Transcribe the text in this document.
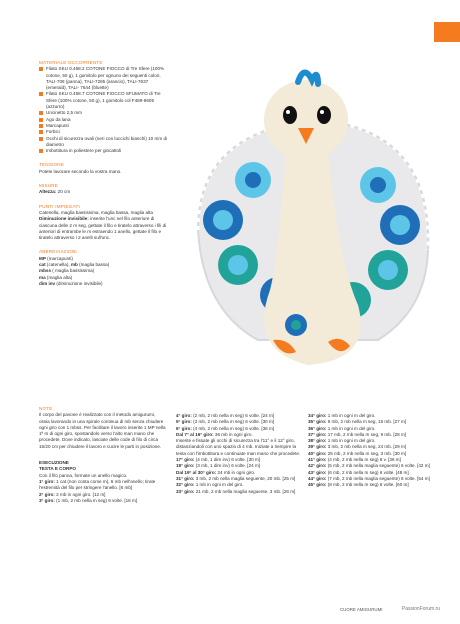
MATERIALE OCCORRENTE
Filato SKU 0.468.2 COTONE FIOCCO di Tre Sfere (100% cotone, 50 g), 1 gomitolo per ognuno dei seguenti colori, TALI-708 (panna), TALI-7265 (arancio), TALI-7637 (emerald), TALI- 7644 (bluette)
Filato SKU 0.468.7 COTONE FIOCCO SFUMATO di Tre Sfere (100% cotone, 50 g), 1 gomitolo col F489-9605 (azzurro)
Uncinetto 2,5 mm
Ago da lana
Marcapunti
Forbici
Occhi di sicurezza ovali (neri con lucciсhi bianchi) 10 mm di diametro
Imbottitura in poliestere per giocattoli
TENSIONE
Potete lavorare secondo la vostra mano.
MISURE
Altezza: 20 cm
PUNTI IMPIEGATI
Catenella, maglia bassissima, maglia bassa, maglia alta
Diminuzione invisibile: inserite l'unc nel filo anteriore di ciascuna delle 2 m seg, gettate il filo e tiratelo attraverso i fili di anteriori di entrambe le m estraendo 1 anello, gettate il filo e tiratelo attraverso i 2 anelli sull'unc.
ABBREVIAZIONI
MP (marcapunti)
cat (catenella), mb (maglia bassa)
mbss ( maglia bassissima)
ma (maglia alta)
dim inv (diminuzione invisibile)
NOTE
Il corpo del pavone è realizzato con il metodo amigurumi, ossia lavorando in una spirale continua di mb senza chiudere ogni giro con 1 mbss. Per facilitare il lavoro inserite 1 MP nella 1ª m di ogni giro, spostandolo verso l'alto man mano che procedete. Dove indicato, lasciate delle code di filo di circa 15/20 cm per chiudere il lavoro e cucire le parti in posizione.
ESECUZIONE
TESTA E CORPO
Con il filo panna, formate un anello magico.
1° giro: 1 cat (non conta come m), 6 mb nell'anello; tirate l'estremità del filo per stringere l'anello. [6 mb]
2° giro: 2 mb in ogni giro. [12 m]
3° giro: (1 mb, 2 mb nella m seg) 6 volte. [18 m]
4° giro: (2 mb, 2 mb nella m seg) 6 volte. [24 m]
5° giro: (3 mb, 2 mb nella m seg) 6 volte. [30 m]
6° giro: (4 mb, 2 mb nella m seg) 6 volte. [36 m]
Dal 7° al 16° giro: 36 mb in ogni giro.
Inserite e fissate gli occhi di sicurezza tra l'11° e il 12° giro, distanziandoli con uno spazio di 4 mb. Iniziate a riempire la testa con l'imbottitura e continuate man mano che procedete.
17° giro: (4 mb, 1 dim inv) 6 volte. [30 m]
18° giro: (3 mb, 1 dim inv) 6 volte. [24 m]
Dal 19° al 30° giro: 24 mb in ogni giro.
31° giro: 3 mb, 2 mb nella maglia seguente, 20 mb. [25 m]
32° giro: 1 mb in ogni m del giro.
33° giro: 21 mb, 2 mb nella maglia seguente, 3 mb. [26 m]
34° giro: 1 mb in ogni m del giro.
35° giro: 9 mb, 2 mb nella m seg, 16 mb. [27 m]
36° giro: 1 mb in ogni m del giro.
37° giro: 17 mb, 2 mb nella m seg, 9 mb. [28 m]
38° giro: 1 mb in ogni m del giro.
39° giro: 3 mb, 2 mb nella m seg, 24 mb. [29 m]
40° giro: 25 mb, 2 mb nella m seg, 3 mb. [30 m]
41° giro: (4 mb, 2 mb nella m seg) 6 v. [36 m]
42° giro: (5 mb, 2 mb nella maglia seguente) 6 volte. [42 m]
43° giro: (6 mb, 2 mb nella m seg) 6 volte. [48 m]
44° giro: (7 mb, 2 mb nella maglia seguente) 6 volte. [54 m]
45° giro: (8 mb, 2 mb nella m seg) 6 volte. [60 m]
CUORE AMIGURUMI	PassionForum.ru
